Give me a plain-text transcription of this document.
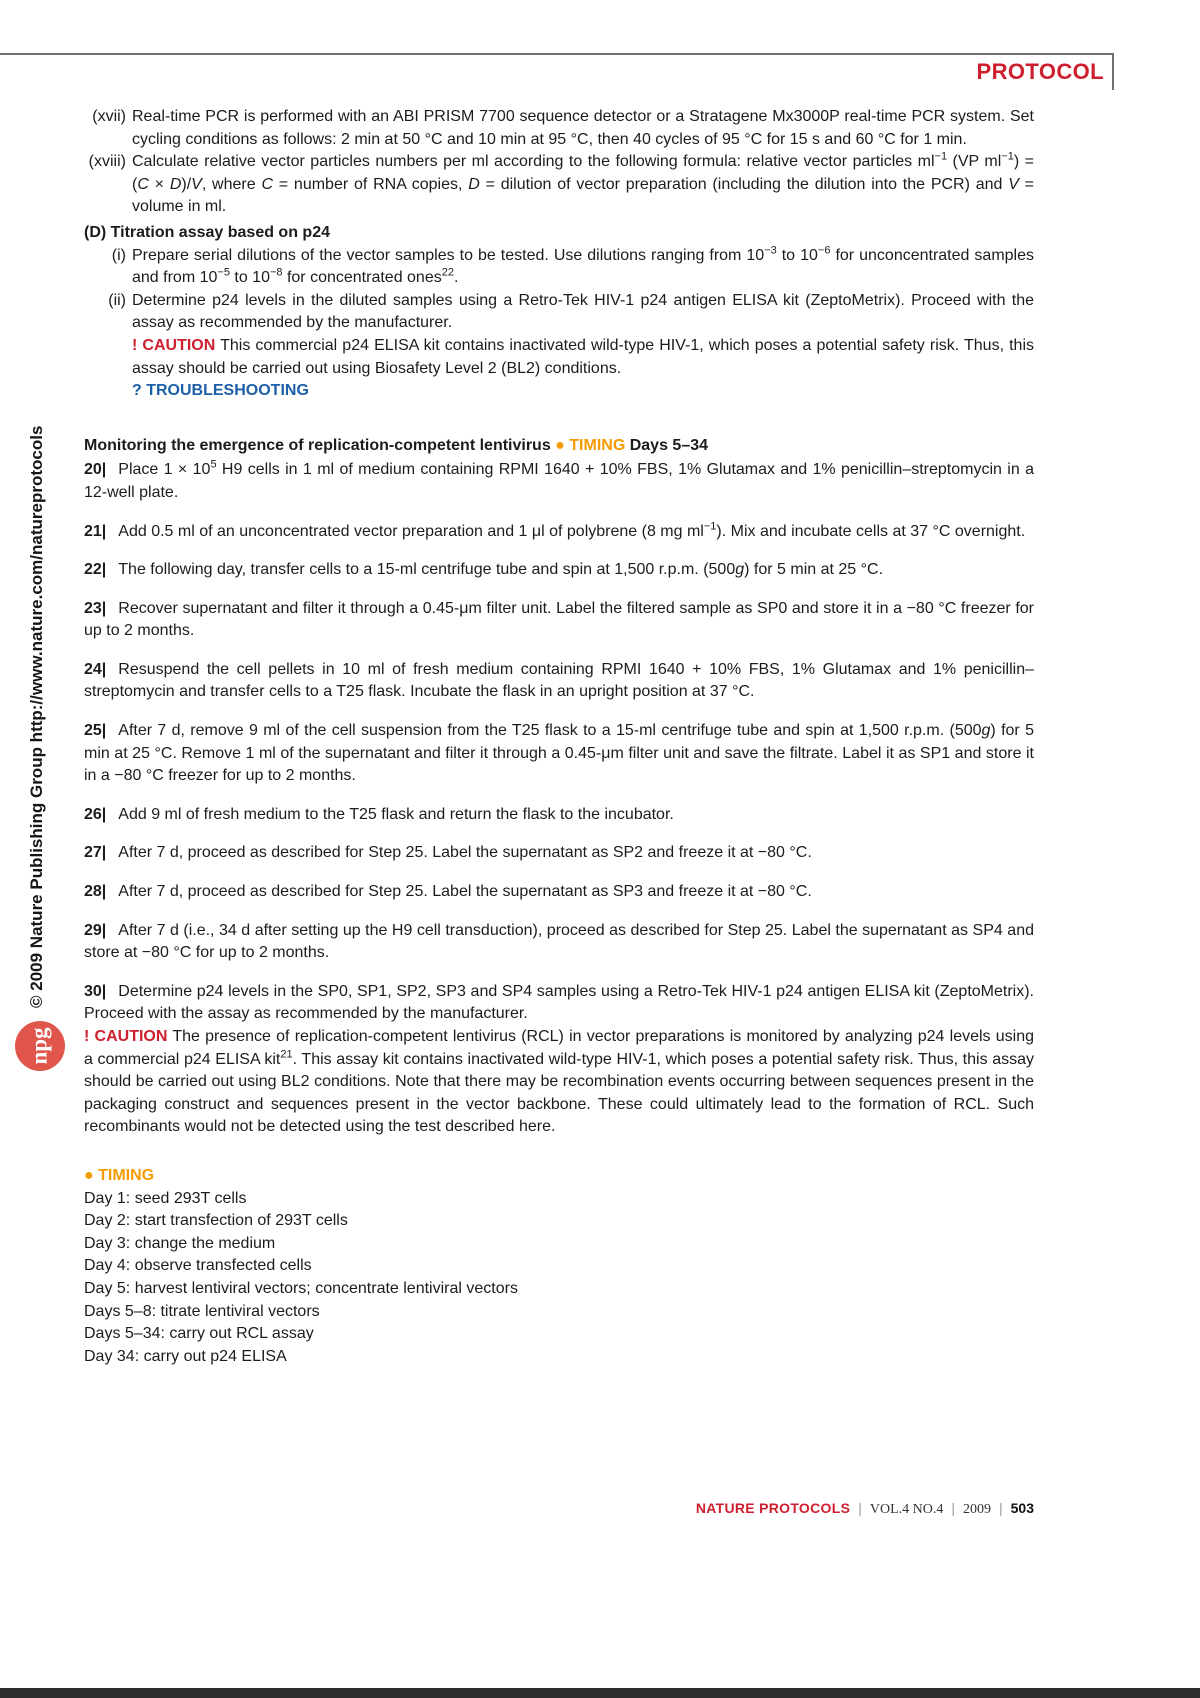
PROTOCOL
© 2009 Nature Publishing Group http://www.nature.com/natureprotocols
npg
(xvii) Real-time PCR is performed with an ABI PRISM 7700 sequence detector or a Stratagene Mx3000P real-time PCR system. Set cycling conditions as follows: 2 min at 50 °C and 10 min at 95 °C, then 40 cycles of 95 °C for 15 s and 60 °C for 1 min.
(xviii) Calculate relative vector particles numbers per ml according to the following formula: relative vector particles $ml^{-1}$ (VP $ml^{-1}) = (C \times D)/V$, where C = number of RNA copies, D = dilution of vector preparation (including the dilution into the PCR) and V = volume in ml.
(D) Titration assay based on p24
(i) Prepare serial dilutions of the vector samples to be tested. Use dilutions ranging from $10^{-3}$ to $10^{-6}$ for unconcentrated samples and from $10^{-5}$ to $10^{-8}$ for concentrated ones$^{22}$.
(ii) Determine p24 levels in the diluted samples using a Retro-Tek HIV-1 p24 antigen ELISA kit (ZeptoMetrix). Proceed with the assay as recommended by the manufacturer.
! CAUTION This commercial p24 ELISA kit contains inactivated wild-type HIV-1, which poses a potential safety risk. Thus, this assay should be carried out using Biosafety Level 2 (BL2) conditions.
? TROUBLESHOOTING
Monitoring the emergence of replication-competent lentivirus ● TIMING Days 5–34
20| Place $1 \times 10^5$ H9 cells in 1 ml of medium containing RPMI 1640 + 10% FBS, 1% Glutamax and 1% penicillin–streptomycin in a 12-well plate.
21| Add 0.5 ml of an unconcentrated vector preparation and 1 μl of polybrene (8 mg $ml^{-1}$). Mix and incubate cells at 37 °C overnight.
22| The following day, transfer cells to a 15-ml centrifuge tube and spin at 1,500 r.p.m. (500g) for 5 min at 25 °C.
23| Recover supernatant and filter it through a 0.45-μm filter unit. Label the filtered sample as SP0 and store it in a −80 °C freezer for up to 2 months.
24| Resuspend the cell pellets in 10 ml of fresh medium containing RPMI 1640 + 10% FBS, 1% Glutamax and 1% penicillin–streptomycin and transfer cells to a T25 flask. Incubate the flask in an upright position at 37 °C.
25| After 7 d, remove 9 ml of the cell suspension from the T25 flask to a 15-ml centrifuge tube and spin at 1,500 r.p.m. (500g) for 5 min at 25 °C. Remove 1 ml of the supernatant and filter it through a 0.45-μm filter unit and save the filtrate. Label it as SP1 and store it in a −80 °C freezer for up to 2 months.
26| Add 9 ml of fresh medium to the T25 flask and return the flask to the incubator.
27| After 7 d, proceed as described for Step 25. Label the supernatant as SP2 and freeze it at −80 °C.
28| After 7 d, proceed as described for Step 25. Label the supernatant as SP3 and freeze it at −80 °C.
29| After 7 d (i.e., 34 d after setting up the H9 cell transduction), proceed as described for Step 25. Label the supernatant as SP4 and store at −80 °C for up to 2 months.
30| Determine p24 levels in the SP0, SP1, SP2, SP3 and SP4 samples using a Retro-Tek HIV-1 p24 antigen ELISA kit (ZeptoMetrix). Proceed with the assay as recommended by the manufacturer.
! CAUTION The presence of replication-competent lentivirus (RCL) in vector preparations is monitored by analyzing p24 levels using a commercial p24 ELISA kit$^{21}$. This assay kit contains inactivated wild-type HIV-1, which poses a potential safety risk. Thus, this assay should be carried out using BL2 conditions. Note that there may be recombination events occurring between sequences present in the packaging construct and sequences present in the vector backbone. These could ultimately lead to the formation of RCL. Such recombinants would not be detected using the test described here.
● TIMING
Day 1: seed 293T cells
Day 2: start transfection of 293T cells
Day 3: change the medium
Day 4: observe transfected cells
Day 5: harvest lentiviral vectors; concentrate lentiviral vectors
Days 5–8: titrate lentiviral vectors
Days 5–34: carry out RCL assay
Day 34: carry out p24 ELISA
NATURE PROTOCOLS | VOL.4 NO.4 | 2009 | 503
